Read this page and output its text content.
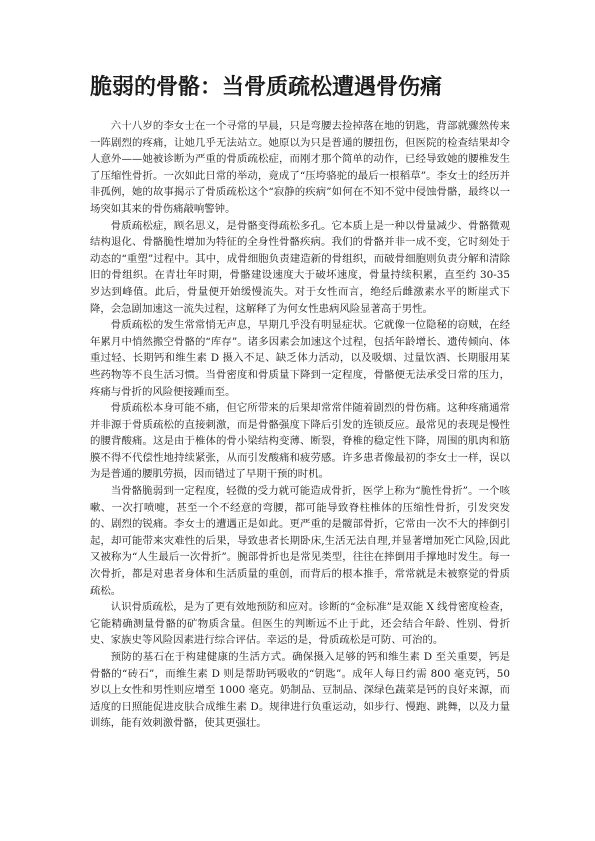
脆弱的骨骼：当骨质疏松遭遇骨伤痛

六十八岁的李女士在一个寻常的早晨，只是弯腰去捡掉落在地的钥匙，背部就骤然传来一阵剧烈的疼痛，让她几乎无法站立。她原以为只是普通的腰扭伤，但医院的检查结果却令人意外——她被诊断为严重的骨质疏松症，而刚才那个简单的动作，已经导致她的腰椎发生了压缩性骨折。一次如此日常的举动，竟成了“压垮骆驼的最后一根稻草”。李女士的经历并非孤例，她的故事揭示了骨质疏松这个“寂静的疾病”如何在不知不觉中侵蚀骨骼，最终以一场突如其来的骨伤痛敲响警钟。

骨质疏松症，顾名思义，是骨骼变得疏松多孔。它本质上是一种以骨量减少、骨骼微观结构退化、骨骼脆性增加为特征的全身性骨骼疾病。我们的骨骼并非一成不变，它时刻处于动态的“重塑”过程中。其中，成骨细胞负责建造新的骨组织，而破骨细胞则负责分解和清除旧的骨组织。在青壮年时期，骨骼建设速度大于破坏速度，骨量持续积累，直至约 30-35 岁达到峰值。此后，骨量便开始缓慢流失。对于女性而言，绝经后雌激素水平的断崖式下降，会急剧加速这一流失过程，这解释了为何女性患病风险显著高于男性。

骨质疏松的发生常常悄无声息，早期几乎没有明显症状。它就像一位隐秘的窃贼，在经年累月中悄然搬空骨骼的“库存”。诸多因素会加速这个过程，包括年龄增长、遗传倾向、体重过轻、长期钙和维生素 D 摄入不足、缺乏体力活动，以及吸烟、过量饮酒、长期服用某些药物等不良生活习惯。当骨密度和骨质量下降到一定程度，骨骼便无法承受日常的压力，疼痛与骨折的风险便接踵而至。

骨质疏松本身可能不痛，但它所带来的后果却常常伴随着剧烈的骨伤痛。这种疼痛通常并非源于骨质疏松的直接刺激，而是骨骼强度下降后引发的连锁反应。最常见的表现是慢性的腰背酸痛。这是由于椎体的骨小梁结构变薄、断裂，脊椎的稳定性下降，周围的肌肉和筋膜不得不代偿性地持续紧张，从而引发酸痛和疲劳感。许多患者像最初的李女士一样，误以为是普通的腰肌劳损，因而错过了早期干预的时机。

当骨骼脆弱到一定程度，轻微的受力就可能造成骨折，医学上称为“脆性骨折”。一个咳嗽、一次打喷嚏，甚至一个不经意的弯腰，都可能导致脊柱椎体的压缩性骨折，引发突发的、剧烈的锐痛。李女士的遭遇正是如此。更严重的是髋部骨折，它常由一次不大的摔倒引起，却可能带来灾难性的后果，导致患者长期卧床,生活无法自理,并显著增加死亡风险,因此又被称为“人生最后一次骨折”。腕部骨折也是常见类型，往往在摔倒用手撑地时发生。每一次骨折，都是对患者身体和生活质量的重创，而背后的根本推手，常常就是未被察觉的骨质疏松。

认识骨质疏松，是为了更有效地预防和应对。诊断的“金标准”是双能 X 线骨密度检查，它能精确测量骨骼的矿物质含量。但医生的判断远不止于此，还会结合年龄、性别、骨折史、家族史等风险因素进行综合评估。幸运的是，骨质疏松是可防、可治的。

预防的基石在于构建健康的生活方式。确保摄入足够的钙和维生素 D 至关重要，钙是骨骼的“砖石”，而维生素 D 则是帮助钙吸收的“钥匙”。成年人每日约需 800 毫克钙，50 岁以上女性和男性则应增至 1000 毫克。奶制品、豆制品、深绿色蔬菜是钙的良好来源，而适度的日照能促进皮肤合成维生素 D。规律进行负重运动，如步行、慢跑、跳舞，以及力量训练，能有效刺激骨骼，使其更强壮。
